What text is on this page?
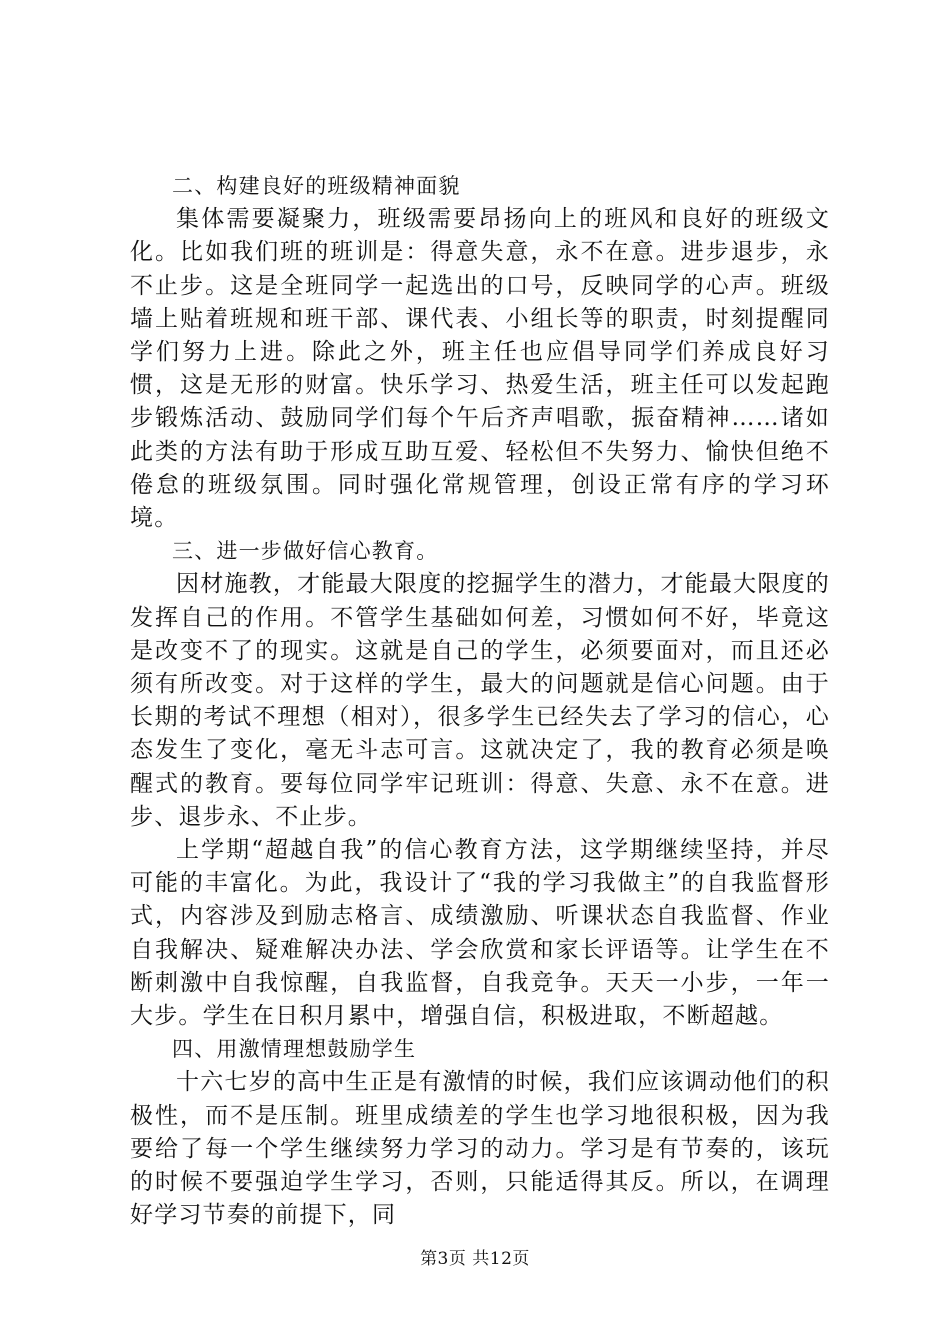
二、构建良好的班级精神面貌

集体需要凝聚力，班级需要昂扬向上的班风和良好的班级文化。比如我们班的班训是：得意失意，永不在意。进步退步，永不止步。这是全班同学一起选出的口号，反映同学的心声。班级墙上贴着班规和班干部、课代表、小组长等的职责，时刻提醒同学们努力上进。除此之外，班主任也应倡导同学们养成良好习惯，这是无形的财富。快乐学习、热爱生活，班主任可以发起跑步锻炼活动、鼓励同学们每个午后齐声唱歌，振奋精神……诸如此类的方法有助于形成互助互爱、轻松但不失努力、愉快但绝不倦怠的班级氛围。同时强化常规管理，创设正常有序的学习环境。

三、进一步做好信心教育。

因材施教，才能最大限度的挖掘学生的潜力，才能最大限度的发挥自己的作用。不管学生基础如何差，习惯如何不好，毕竟这是改变不了的现实。这就是自己的学生，必须要面对，而且还必须有所改变。对于这样的学生，最大的问题就是信心问题。由于长期的考试不理想（相对），很多学生已经失去了学习的信心，心态发生了变化，毫无斗志可言。这就决定了，我的教育必须是唤醒式的教育。要每位同学牢记班训：得意、失意、永不在意。进步、退步永、不止步。

上学期“超越自我”的信心教育方法，这学期继续坚持，并尽可能的丰富化。为此，我设计了“我的学习我做主”的自我监督形式，内容涉及到励志格言、成绩激励、听课状态自我监督、作业自我解决、疑难解决办法、学会欣赏和家长评语等。让学生在不断刺激中自我惊醒，自我监督，自我竞争。天天一小步，一年一大步。学生在日积月累中，增强自信，积极进取，不断超越。

四、用激情理想鼓励学生

十六七岁的高中生正是有激情的时候，我们应该调动他们的积极性，而不是压制。班里成绩差的学生也学习地很积极，因为我要给了每一个学生继续努力学习的动力。学习是有节奏的，该玩的时候不要强迫学生学习，否则，只能适得其反。所以，在调理好学习节奏的前提下，同

第3页 共12页
